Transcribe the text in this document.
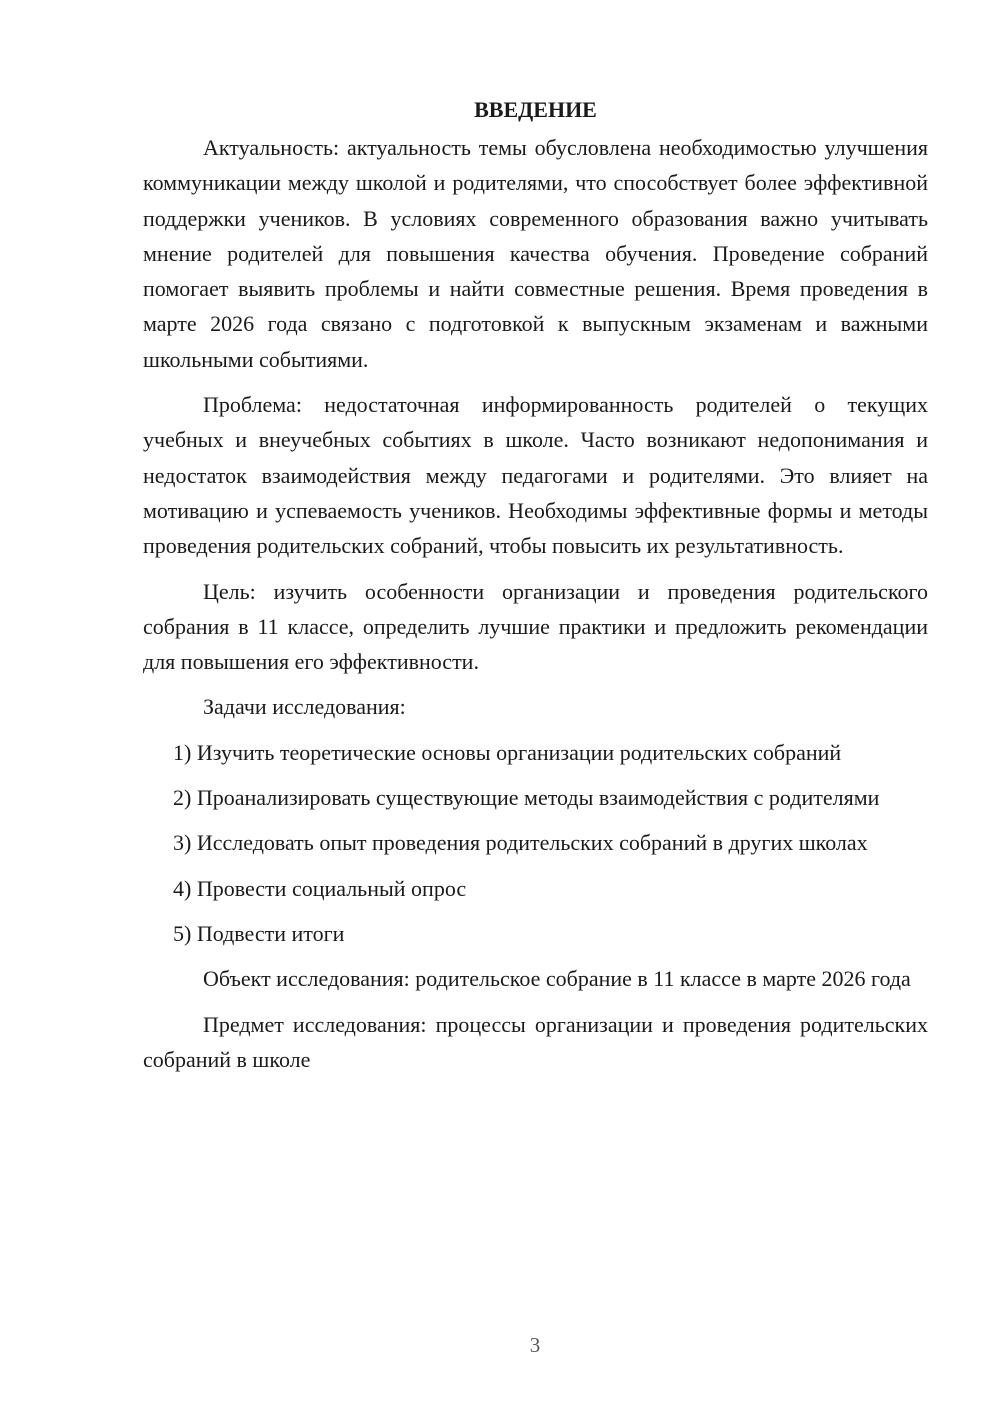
ВВЕДЕНИЕ

Актуальность: актуальность темы обусловлена необходимостью улучшения коммуникации между школой и родителями, что способствует более эффективной поддержки учеников. В условиях современного образования важно учитывать мнение родителей для повышения качества обучения. Проведение собраний помогает выявить проблемы и найти совместные решения. Время проведения в марте 2026 года связано с подготовкой к выпускным экзаменам и важными школьными событиями.

Проблема: недостаточная информированность родителей о текущих учебных и внеучебных событиях в школе. Часто возникают недопонимания и недостаток взаимодействия между педагогами и родителями. Это влияет на мотивацию и успеваемость учеников. Необходимы эффективные формы и методы проведения родительских собраний, чтобы повысить их результативность.

Цель: изучить особенности организации и проведения родительского собрания в 11 классе, определить лучшие практики и предложить рекомендации для повышения его эффективности.

Задачи исследования:

1) Изучить теоретические основы организации родительских собраний

2) Проанализировать существующие методы взаимодействия с родителями

3) Исследовать опыт проведения родительских собраний в других школах

4) Провести социальный опрос

5) Подвести итоги

Объект исследования: родительское собрание в 11 классе в марте 2026 года

Предмет исследования: процессы организации и проведения родительских собраний в школе

3
